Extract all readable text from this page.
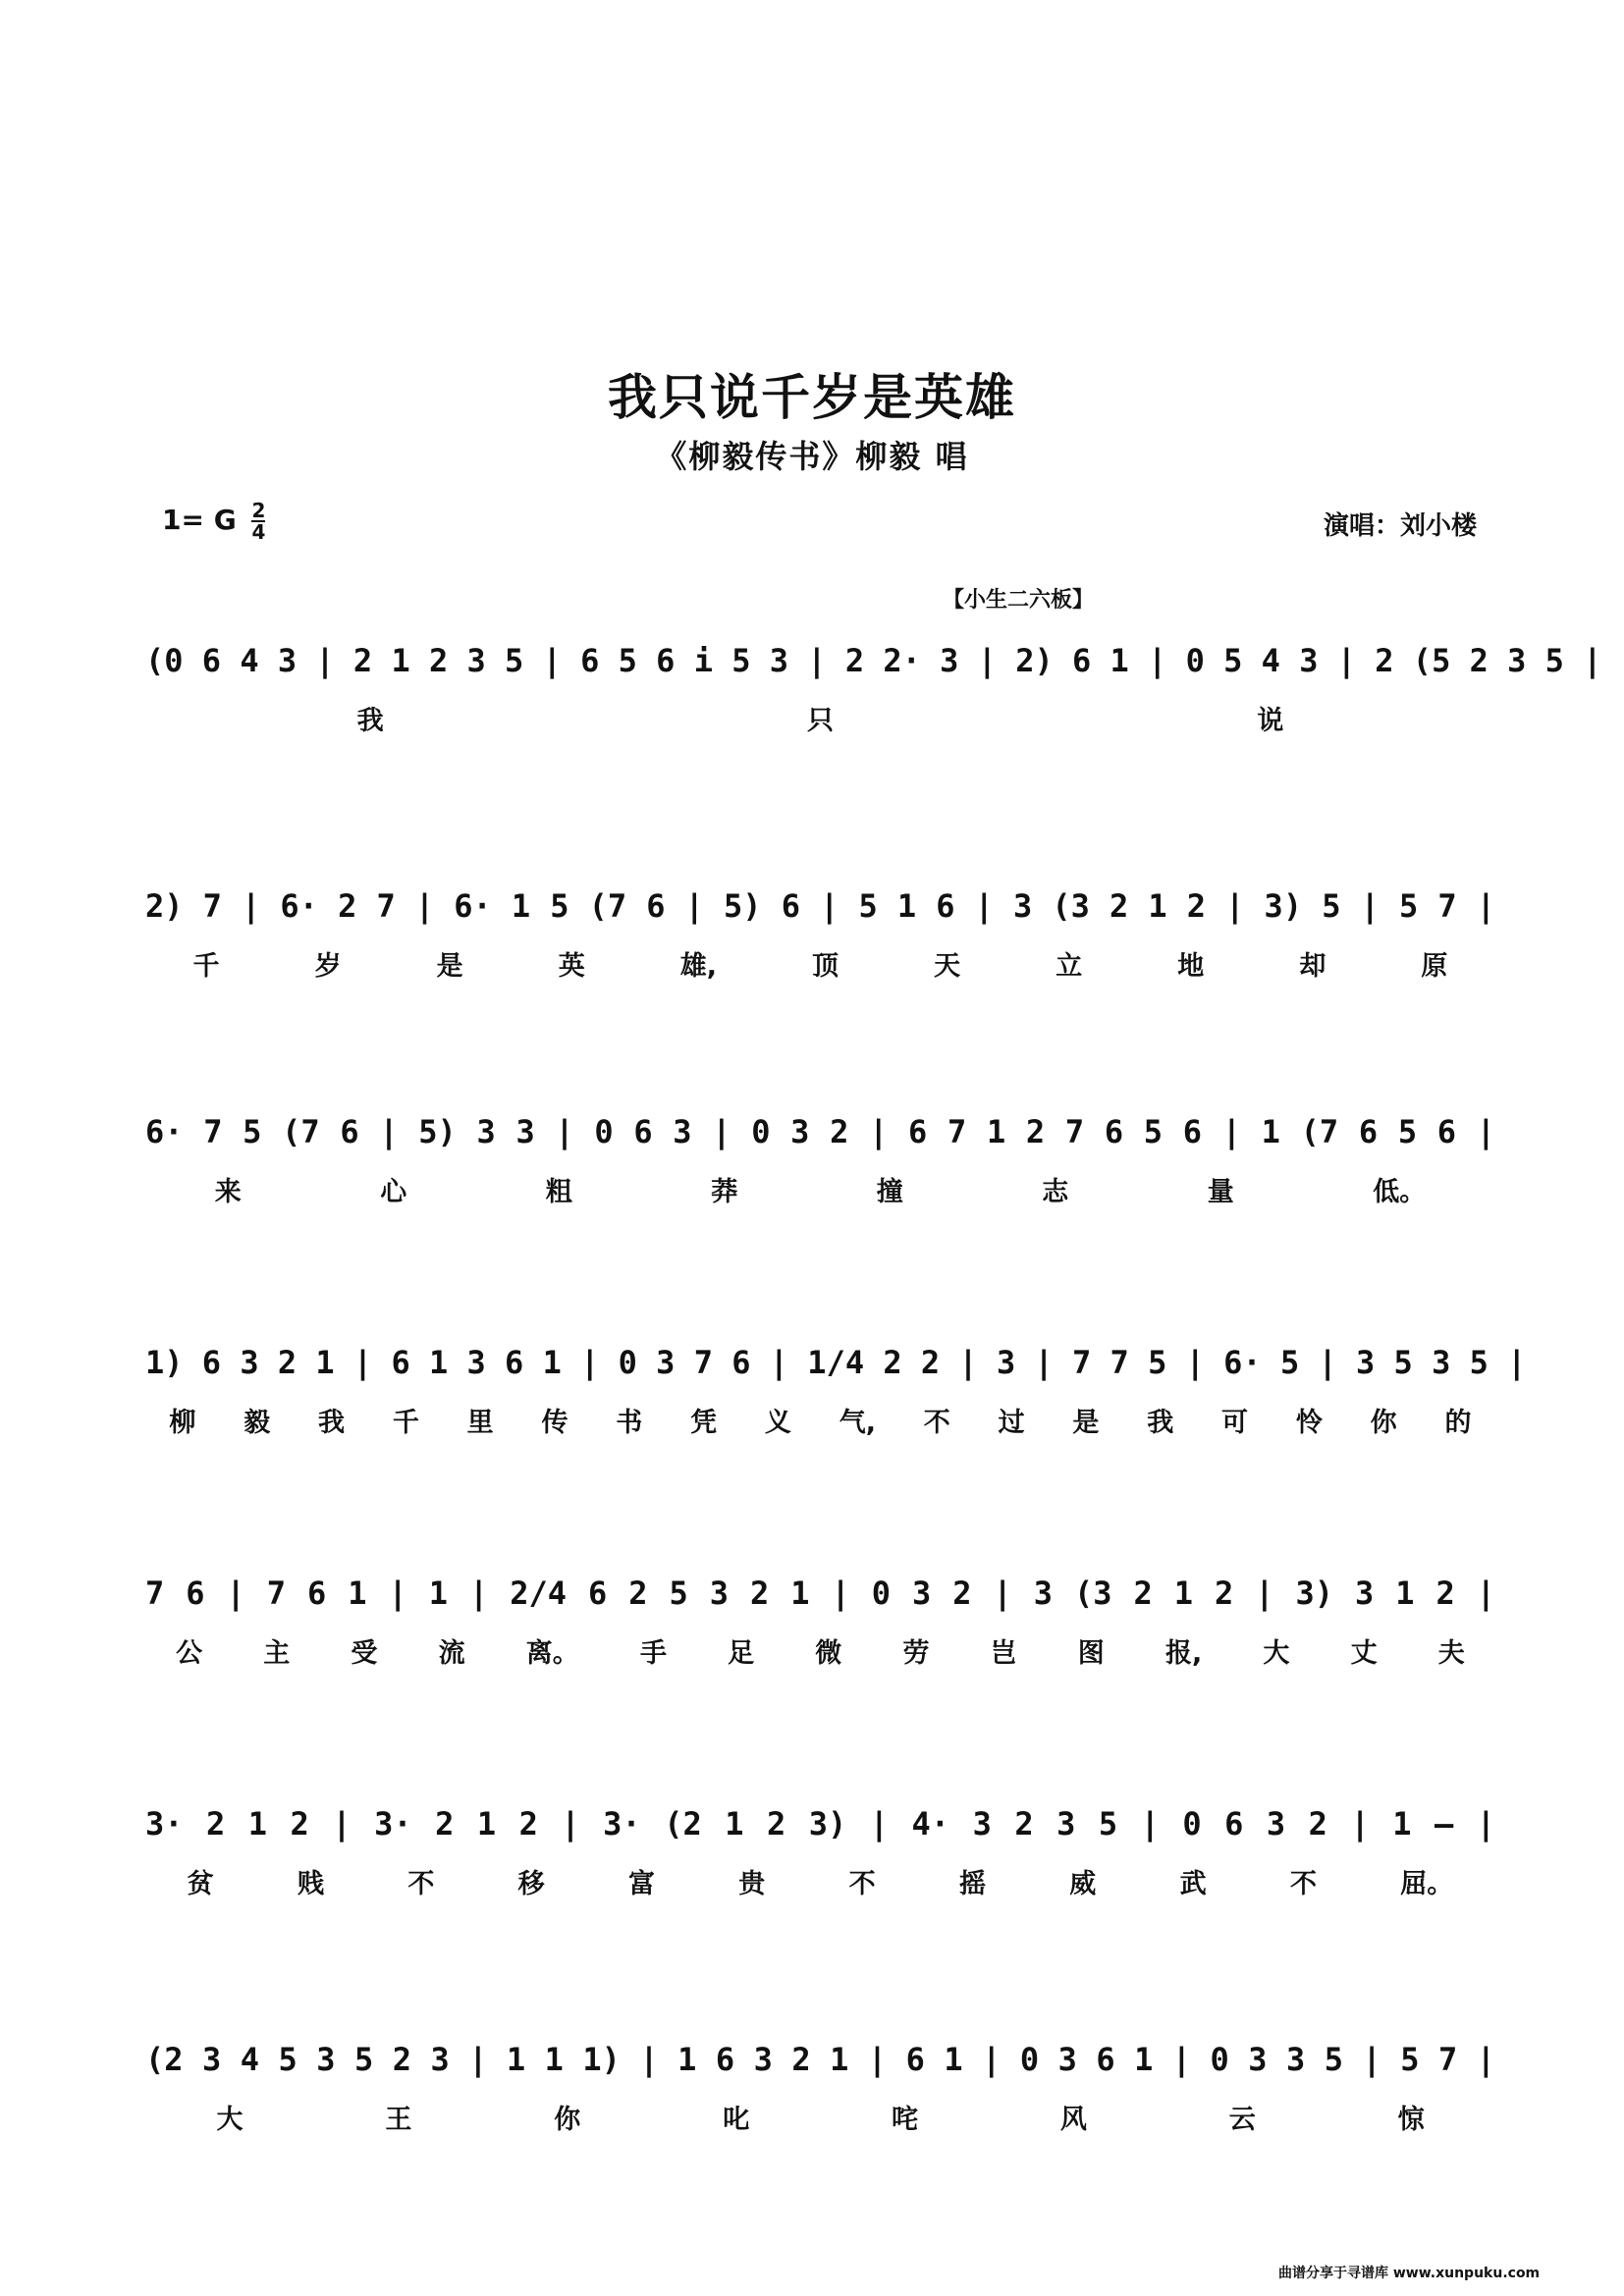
我只说千岁是英雄
《柳毅传书》柳毅 唱
1= G $\frac{2}{4}$	演唱：刘小楼
【小生二六板】
(0 6 4 3 | 2 1 2 3 5 | 6 5 6 i 5 3 | 2 2· 3 | 2) 6 1 | 0 5 4 3 | 2 (5 2 3 5 |
我	只	说
2) 7 | 6· 2 7 | 6· 1 5 (7 6 | 5) 6 | 5 1 6 | 3 (3 2 1 2 | 3) 5 | 5 7 |
千	岁	是	英	雄,	顶	天	立	地	却	原
6· 7 5 (7 6 | 5) 3 3 | 0 6 3 | 0 3 2 | 6 7 1 2 7 6 5 6 | 1 (7 6 5 6 |
来	心	粗	莽	撞	志	量	低。
1) 6 3 2 1 | 6 1 3 6 1 | 0 3 7 6 | 1/4 2 2 | 3 | 7 7 5 | 6· 5 | 3 5 3 5 |
柳 毅 我 千 里 传 书 凭 义 气, 不 过 是 我 可 怜 你 的
7 6 | 7 6 1 | 1 | 2/4 6 2 5 3 2 1 | 0 3 2 | 3 (3 2 1 2 | 3) 3 1 2 |
公 主 受 流 离。 手 足 微 劳 岂 图 报, 大 丈 夫
3· 2 1 2 | 3· 2 1 2 | 3· (2 1 2 3) | 4· 3 2 3 5 | 0 6 3 2 | 1 — |
贫	贱	不	移	富	贵	不	摇	威	武	不	屈。
(2 3 4 5 3 5 2 3 | 1 1 1) | 1 6 3 2 1 | 6 1 | 0 3 6 1 | 0 3 3 5 | 5 7 |
大	王	你	叱	咤	风	云	惊
曲谱分享于寻谱库 www.xunpuku.com
